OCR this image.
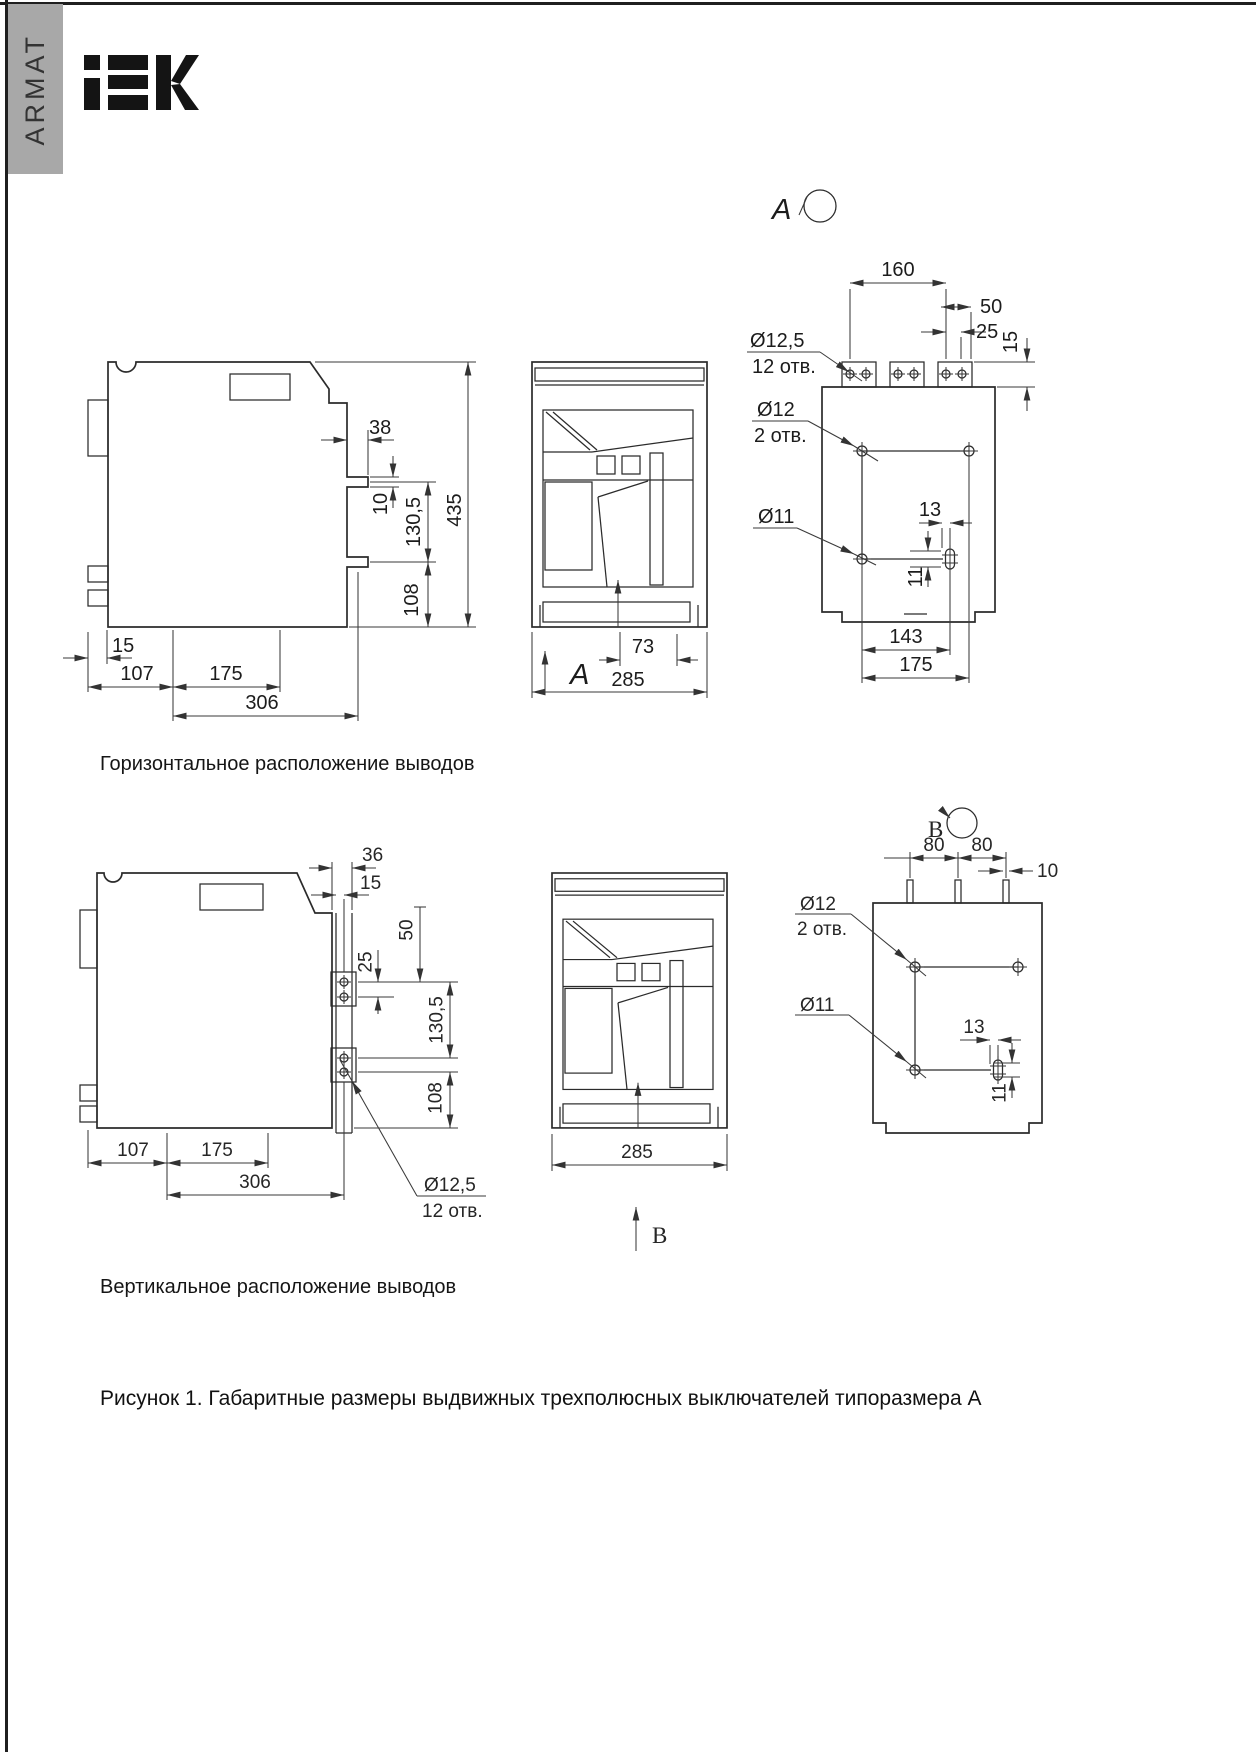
ARMAT
A
38
10 130,5
108
435
15
107	175
306
73
285
A
160
50
25 15
Ø12,5
12 отв.
Ø12
2 отв.
Ø11	13
11
143
175
B
36
15
50
25
130,5
108
Ø12,5
12 отв.
107	175
306
285
B
80 80
10
Ø12
2 отв.
Ø11
13
11
Горизонтальное расположение выводов
Вертикальное расположение выводов
Рисунок 1. Габаритные размеры выдвижных трехполюсных выключателей типоразмера А
